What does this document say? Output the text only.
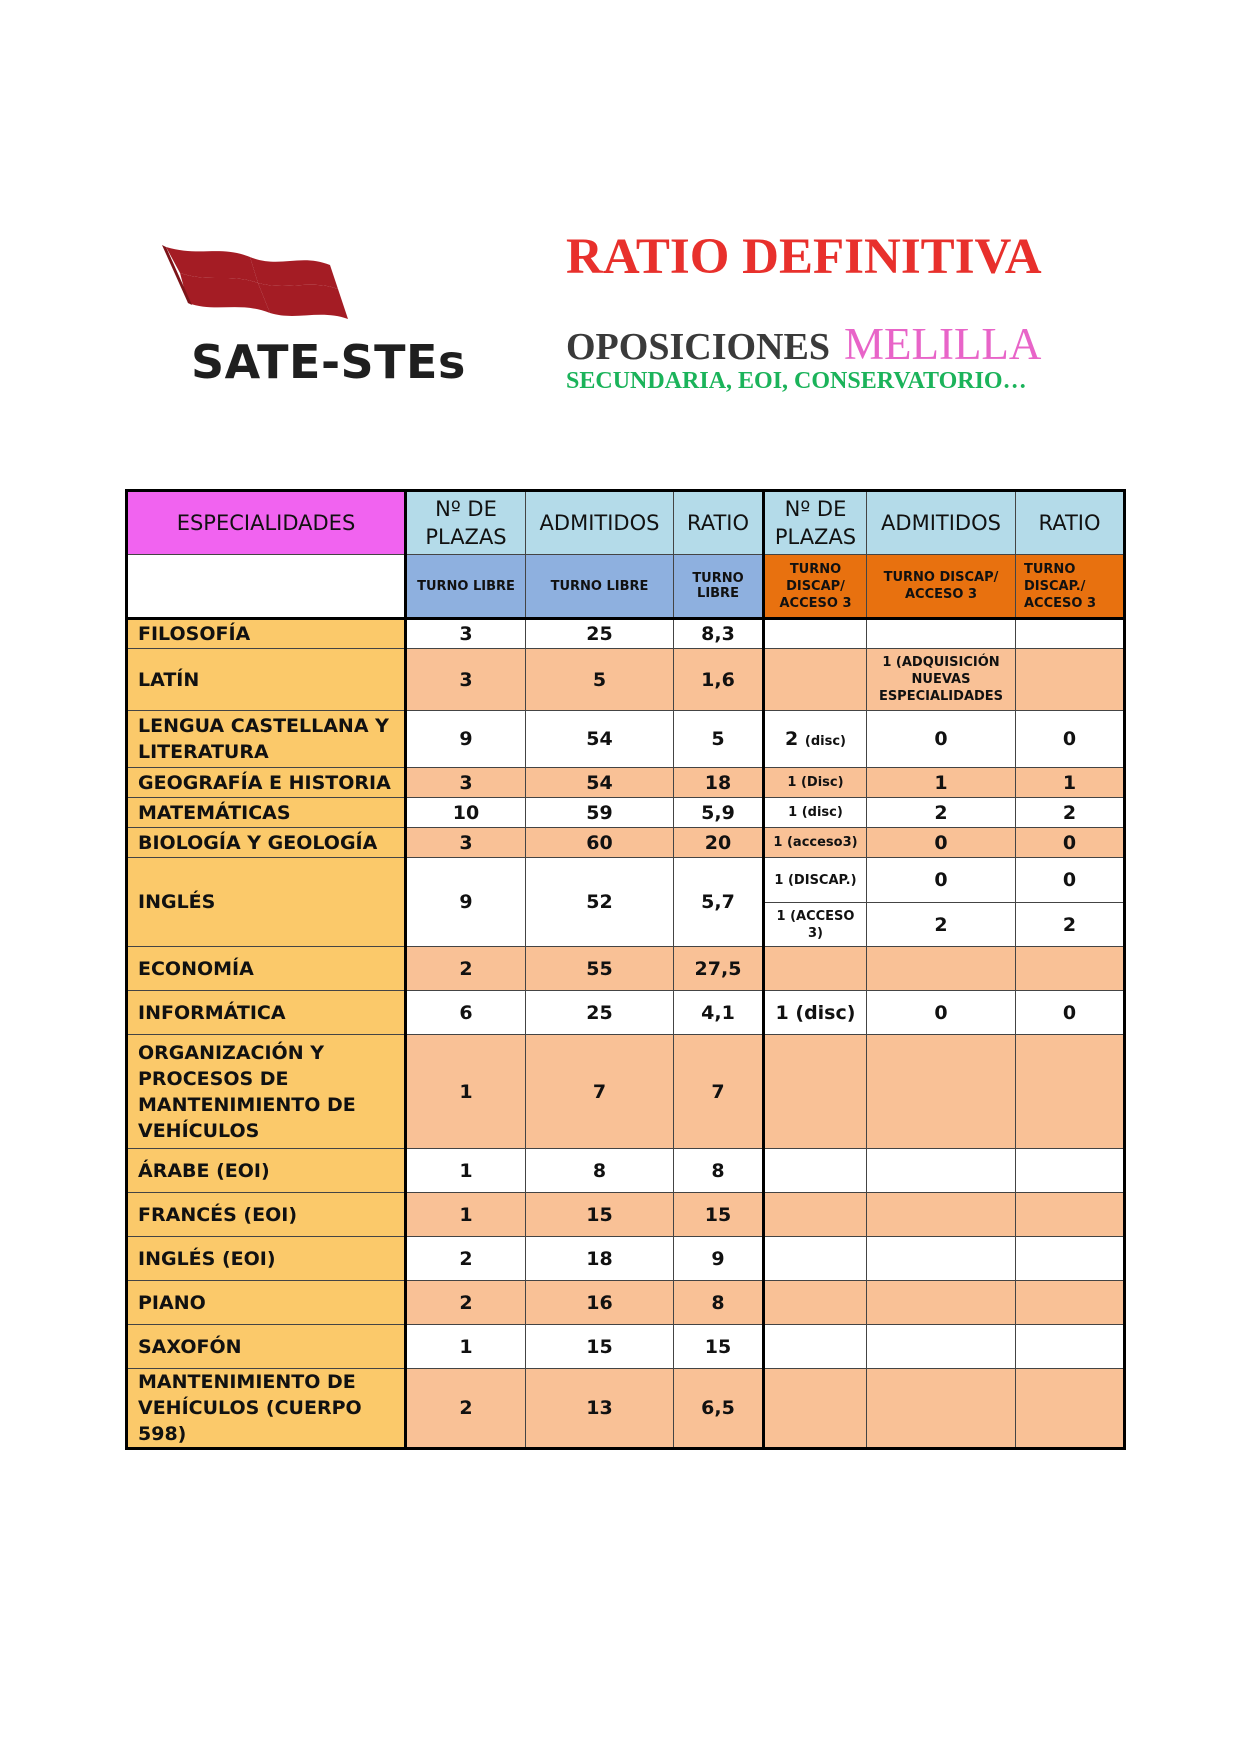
SATE-STEs
RATIO DEFINITIVA
OPOSICIONES MELILLA
SECUNDARIA, EOI, CONSERVATORIO…
ESPECIALIDADES	Nº DE PLAZAS	ADMITIDOS	RATIO	Nº DE PLAZAS	ADMITIDOS	RATIO
	TURNO LIBRE	TURNO LIBRE	TURNO LIBRE	TURNO DISCAP/ ACCESO 3	TURNO DISCAP/ ACCESO 3	TURNO DISCAP./ ACCESO 3
FILOSOFÍA	3	25	8,3			
LATÍN	3	5	1,6		1 (ADQUISICIÓN NUEVAS ESPECIALIDADES	
LENGUA CASTELLANA Y LITERATURA	9	54	5	2 (disc)	0	0
GEOGRAFÍA E HISTORIA	3	54	18	1 (Disc)	1	1
MATEMÁTICAS	10	59	5,9	1 (disc)	2	2
BIOLOGÍA Y GEOLOGÍA	3	60	20	1 (acceso3)	0	0
INGLÉS	9	52	5,7	1 (DISCAP.)	0	0
				1 (ACCESO 3)	2	2
ECONOMÍA	2	55	27,5			
INFORMÁTICA	6	25	4,1	1 (disc)	0	0
ORGANIZACIÓN Y PROCESOS DE MANTENIMIENTO DE VEHÍCULOS	1	7	7			
ÁRABE (EOI)	1	8	8			
FRANCÉS (EOI)	1	15	15			
INGLÉS (EOI)	2	18	9			
PIANO	2	16	8			
SAXOFÓN	1	15	15			
MANTENIMIENTO DE VEHÍCULOS (CUERPO 598)	2	13	6,5			
